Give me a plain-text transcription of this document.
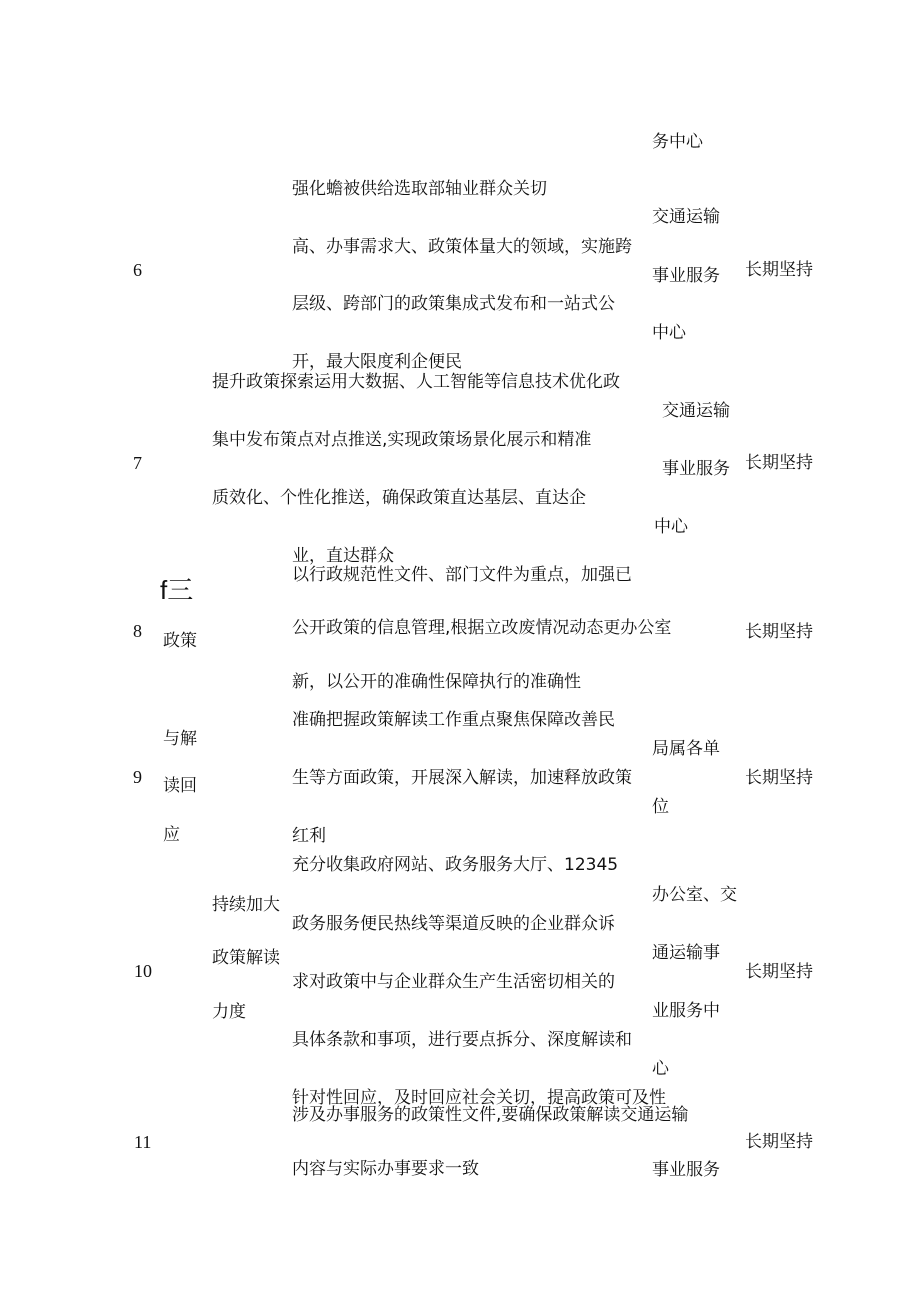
f三
政策
与解
读回
应
6
务中心
强化蟾被供给选取部轴业群众关切
高、办事需求大、政策体量大的领域，实施跨
层级、跨部门的政策集成式发布和一站式公
开，最大限度利企便民
交通运输
事业服务
中心
长期坚持
7
提升政策探索运用大数据、人工智能等信息技术优化政
集中发布策点对点推送,实现政策场景化展示和精准
质效化、个性化推送，确保政策直达基层、直达企
业，直达群众
交通运输
事业服务
中心
长期坚持
8
以行政规范性文件、部门文件为重点，加强已
公开政策的信息管理,根据立改废情况动态更办公室
新，以公开的准确性保障执行的准确性
长期坚持
9
准确把握政策解读工作重点聚焦保障改善民
生等方面政策，开展深入解读，加速释放政策
红利
局属各单
位
长期坚持
10
持续加大
政策解读
力度
充分收集政府网站、政务服务大厅、12345
政务服务便民热线等渠道反映的企业群众诉
求对政策中与企业群众生产生活密切相关的
具体条款和事项，进行要点拆分、深度解读和
针对性回应，及时回应社会关切，提高政策可及性
办公室、交
通运输事
业服务中
心
长期坚持
11
涉及办事服务的政策性文件,要确保政策解读交通运输
内容与实际办事要求一致	事业服务
长期坚持
